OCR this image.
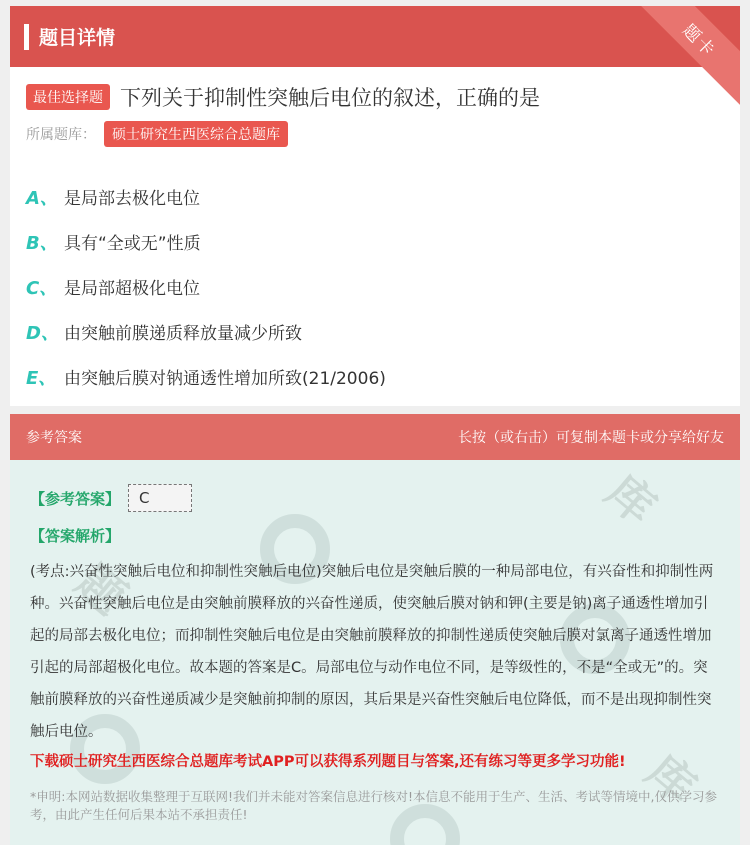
题目详情	题卡
最佳选择题 下列关于抑制性突触后电位的叙述，正确的是
所属题库：	硕士研究生西医综合总题库
A、 是局部去极化电位
B、 具有“全或无”性质
C、 是局部超极化电位
D、 由突触前膜递质释放量减少所致
E、 由突触后膜对钠通透性增加所致(21/2006)
参考答案	长按（或右击）可复制本题卡或分享给好友
库
题
库
【参考答案】	C
【答案解析】
(考点:兴奋性突触后电位和抑制性突触后电位)突触后电位是突触后膜的一种局部电位，有兴奋性和抑制性两种。兴奋性突触后电位是由突触前膜释放的兴奋性递质，使突触后膜对钠和钾(主要是钠)离子通透性增加引起的局部去极化电位；而抑制性突触后电位是由突触前膜释放的抑制性递质使突触后膜对氯离子通透性增加引起的局部超极化电位。故本题的答案是C。局部电位与动作电位不同，是等级性的，不是“全或无”的。突触前膜释放的兴奋性递质减少是突触前抑制的原因，其后果是兴奋性突触后电位降低，而不是出现抑制性突触后电位。
下载硕士研究生西医综合总题库考试APP可以获得系列题目与答案,还有练习等更多学习功能!
*申明:本网站数据收集整理于互联网!我们并未能对答案信息进行核对!本信息不能用于生产、生活、考试等情境中,仅供学习参考，由此产生任何后果本站不承担责任!
